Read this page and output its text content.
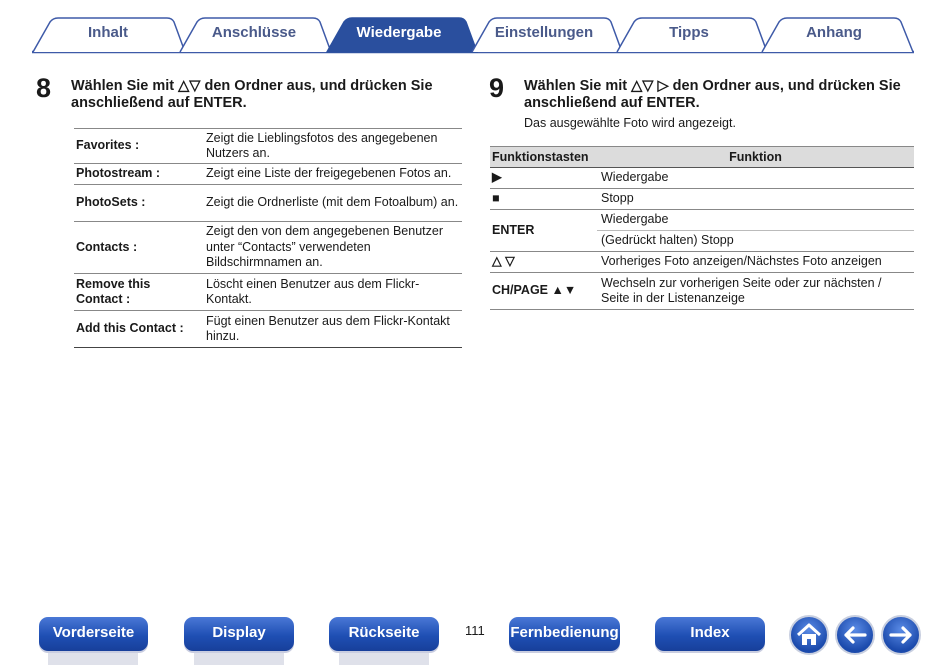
Inhalt	Anschlüsse	Wiedergabe	Einstellungen	Tipps	Anhang
8 Wählen Sie mit △▽ den Ordner aus, und drücken Sie
anschließend auf ENTER.
Favorites :	Zeigt die Lieblingsfotos des angegebenen Nutzers an.
Photostream :	Zeigt eine Liste der freigegebenen Fotos an.
PhotoSets :	Zeigt die Ordnerliste (mit dem Fotoalbum) an.
Contacts :	Zeigt den von dem angegebenen Benutzer unter “Contacts” verwendeten Bildschirmnamen an.
Remove this Contact :	Löscht einen Benutzer aus dem Flickr-Kontakt.
Add this Contact :	Fügt einen Benutzer aus dem Flickr-Kontakt hinzu.
9 Wählen Sie mit △▽ ▷ den Ordner aus, und drücken Sie
anschließend auf ENTER.
Das ausgewählte Foto wird angezeigt.
Funktionstasten	Funktion
▶	Wiedergabe
■	Stopp
ENTER	Wiedergabe
	(Gedrückt halten) Stopp
△ ▽	Vorheriges Foto anzeigen/Nächstes Foto anzeigen
CH/PAGE ▲▼	Wechseln zur vorherigen Seite oder zur nächsten / Seite in der Listenanzeige
Vorderseite	Display	Rückseite	111 Fernbedienung	Index
